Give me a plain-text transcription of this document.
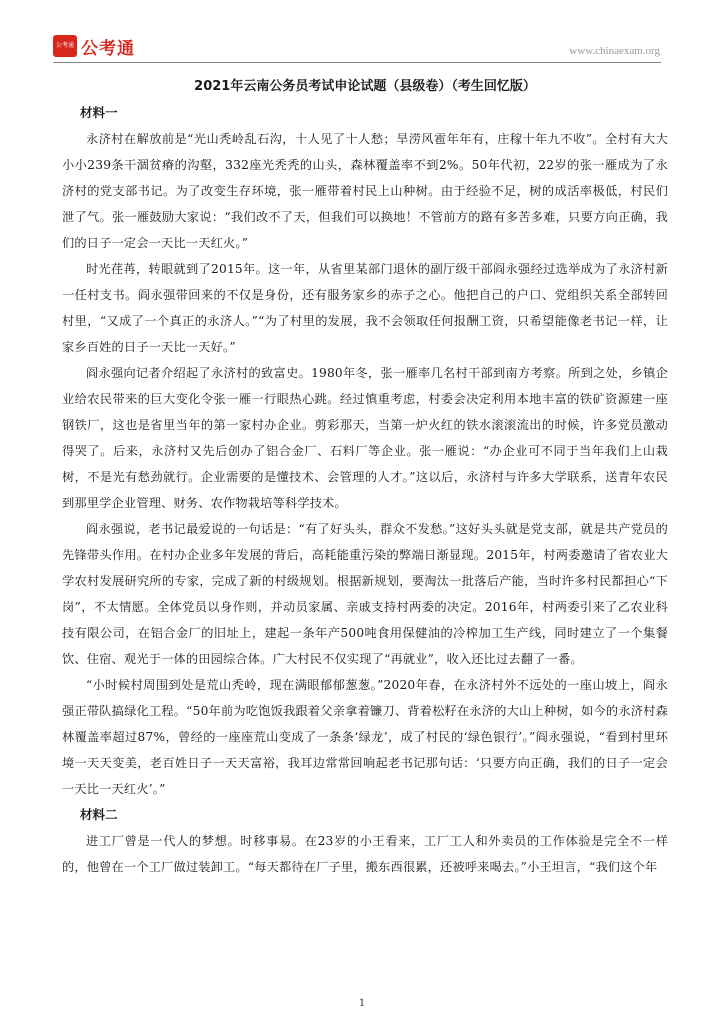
公考通 公考通	www.chinaexam.org
2021年云南公务员考试申论试题（县级卷）（考生回忆版）
材料一

永济村在解放前是“光山秃岭乱石沟，十人见了十人愁；旱涝风雹年年有，庄稼十年九不收”。全村有大大小小239条干涸贫瘠的沟壑，332座光秃秃的山头，森林覆盖率不到2%。50年代初，22岁的张一雁成为了永济村的党支部书记。为了改变生存环境，张一雁带着村民上山种树。由于经验不足，树的成活率极低，村民们泄了气。张一雁鼓励大家说：“我们改不了天，但我们可以换地！不管前方的路有多苦多难，只要方向正确，我们的日子一定会一天比一天红火。”

时光荏苒，转眼就到了2015年。这一年，从省里某部门退休的副厅级干部阎永强经过选举成为了永济村新一任村支书。阎永强带回来的不仅是身份，还有服务家乡的赤子之心。他把自己的户口、党组织关系全部转回村里，“又成了一个真正的永济人。”“为了村里的发展，我不会领取任何报酬工资，只希望能像老书记一样，让家乡百姓的日子一天比一天好。”

阎永强向记者介绍起了永济村的致富史。1980年冬，张一雁率几名村干部到南方考察。所到之处，乡镇企业给农民带来的巨大变化令张一雁一行眼热心跳。经过慎重考虑，村委会决定利用本地丰富的铁矿资源建一座钢铁厂，这也是省里当年的第一家村办企业。剪彩那天，当第一炉火红的铁水滚滚流出的时候，许多党员激动得哭了。后来，永济村又先后创办了铝合金厂、石料厂等企业。张一雁说：“办企业可不同于当年我们上山栽树，不是光有愁劲就行。企业需要的是懂技术、会管理的人才。”这以后，永济村与许多大学联系，送青年农民到那里学企业管理、财务、农作物栽培等科学技术。

阎永强说，老书记最爱说的一句话是：“有了好头头，群众不发愁。”这好头头就是党支部，就是共产党员的先锋带头作用。在村办企业多年发展的背后，高耗能重污染的弊端日渐显现。2015年，村两委邀请了省农业大学农村发展研究所的专家，完成了新的村级规划。根据新规划，要淘汰一批落后产能，当时许多村民都担心“下岗”，不太情愿。全体党员以身作则，并动员家属、亲戚支持村两委的决定。2016年，村两委引来了乙农业科技有限公司，在铝合金厂的旧址上，建起一条年产500吨食用保健油的冷榨加工生产线，同时建立了一个集餐饮、住宿、观光于一体的田园综合体。广大村民不仅实现了“再就业”，收入还比过去翻了一番。

“小时候村周围到处是荒山秃岭，现在满眼郁郁葱葱。”2020年春，在永济村外不远处的一座山坡上，阎永强正带队搞绿化工程。“50年前为吃饱饭我跟着父亲拿着镰刀、背着松籽在永济的大山上种树，如今的永济村森林覆盖率超过87%，曾经的一座座荒山变成了一条条‘绿龙’，成了村民的‘绿色银行’。”阎永强说，“看到村里环境一天天变美，老百姓日子一天天富裕，我耳边常常回响起老书记那句话：‘只要方向正确，我们的日子一定会一天比一天红火’。”

材料二

进工厂曾是一代人的梦想。时移事易。在23岁的小王看来，工厂工人和外卖员的工作体验是完全不一样的，他曾在一个工厂做过装卸工。“每天都待在厂子里，搬东西很累，还被呼来喝去。”小王坦言，“我们这个年

1
